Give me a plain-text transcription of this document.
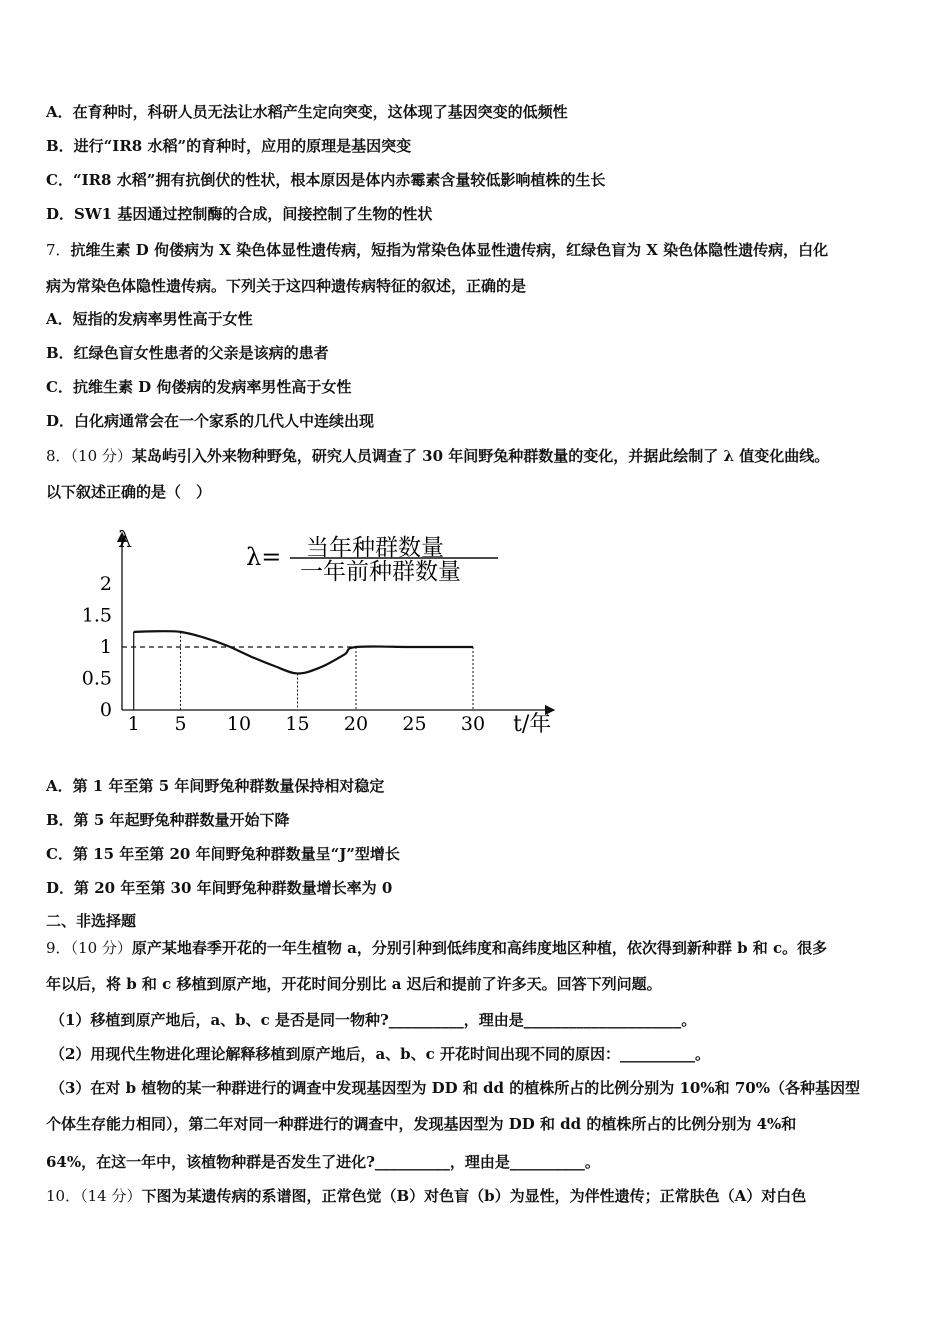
A．在育种时，科研人员无法让水稻产生定向突变，这体现了基因突变的低频性
B．进行“IR8 水稻”的育种时，应用的原理是基因突变
C．“IR8 水稻”拥有抗倒伏的性状，根本原因是体内赤霉素含量较低影响植株的生长
D．SW1 基因通过控制酶的合成，间接控制了生物的性状
7．抗维生素 D 佝偻病为 X 染色体显性遗传病，短指为常染色体显性遗传病，红绿色盲为 X 染色体隐性遗传病，白化
病为常染色体隐性遗传病。下列关于这四种遗传病特征的叙述，正确的是
A．短指的发病率男性高于女性
B．红绿色盲女性患者的父亲是该病的患者
C．抗维生素 D 佝偻病的发病率男性高于女性
D．白化病通常会在一个家系的几代人中连续出现
8．（10 分）某岛屿引入外来物种野兔，研究人员调查了 30 年间野兔种群数量的变化，并据此绘制了 λ 值变化曲线。
以下叙述正确的是（　）
1 5 10 15 20 25 30
2
1.5
1
0.5
0
λ
t/年
λ= 当年种群数量
一年前种群数量
A．第 1 年至第 5 年间野兔种群数量保持相对稳定
B．第 5 年起野兔种群数量开始下降
C．第 15 年至第 20 年间野兔种群数量呈“J”型增长
D．第 20 年至第 30 年间野兔种群数量增长率为 0
二、非选择题
9．（10 分）原产某地春季开花的一年生植物 a，分别引种到低纬度和高纬度地区种植，依次得到新种群 b 和 c。很多
年以后，将 b 和 c 移植到原产地，开花时间分别比 a 迟后和提前了许多天。回答下列问题。
（1）移植到原产地后，a、b、c 是否是同一物种?__________，理由是_____________________。
（2）用现代生物进化理论解释移植到原产地后，a、b、c 开花时间出现不同的原因：__________。
（3）在对 b 植物的某一种群进行的调查中发现基因型为 DD 和 dd 的植株所占的比例分别为 10%和 70%（各种基因型
个体生存能力相同），第二年对同一种群进行的调查中，发现基因型为 DD 和 dd 的植株所占的比例分别为 4%和
64%，在这一年中，该植物种群是否发生了进化?__________，理由是__________。
10．（14 分）下图为某遗传病的系谱图，正常色觉（B）对色盲（b）为显性，为伴性遗传；正常肤色（A）对白色
